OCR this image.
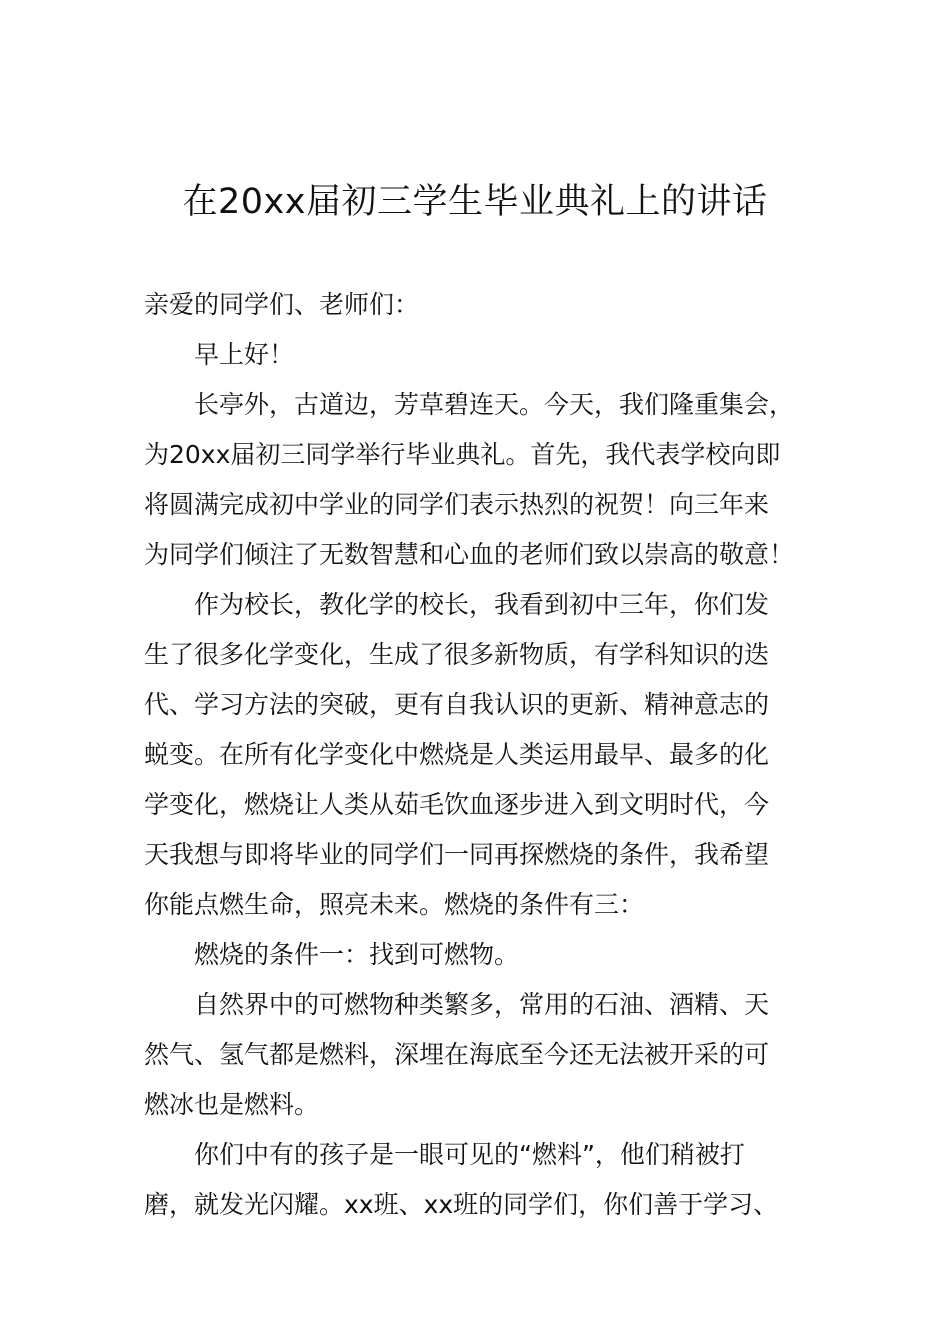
在20xx届初三学生毕业典礼上的讲话
亲爱的同学们、老师们：
早上好！
长亭外，古道边，芳草碧连天。今天，我们隆重集会，
为20xx届初三同学举行毕业典礼。首先，我代表学校向即
将圆满完成初中学业的同学们表示热烈的祝贺！向三年来
为同学们倾注了无数智慧和心血的老师们致以崇高的敬意！
作为校长，教化学的校长，我看到初中三年，你们发
生了很多化学变化，生成了很多新物质，有学科知识的迭
代、学习方法的突破，更有自我认识的更新、精神意志的
蜕变。在所有化学变化中燃烧是人类运用最早、最多的化
学变化，燃烧让人类从茹毛饮血逐步进入到文明时代，今
天我想与即将毕业的同学们一同再探燃烧的条件，我希望
你能点燃生命，照亮未来。燃烧的条件有三：
燃烧的条件一：找到可燃物。
自然界中的可燃物种类繁多，常用的石油、酒精、天
然气、氢气都是燃料，深埋在海底至今还无法被开采的可
燃冰也是燃料。
你们中有的孩子是一眼可见的“燃料”，他们稍被打
磨，就发光闪耀。xx班、xx班的同学们，你们善于学习、
